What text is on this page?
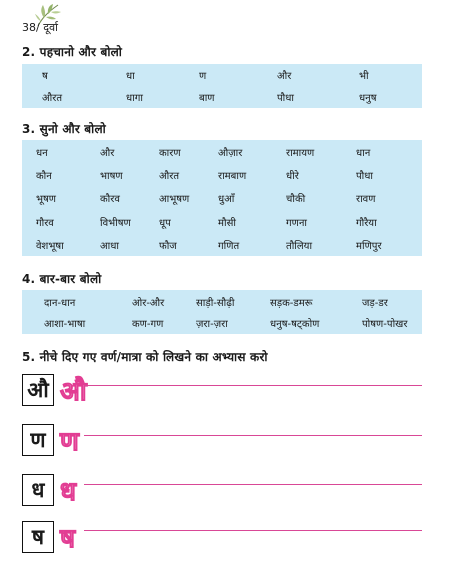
38/ दूर्वा
2. पहचानो और बोलो
ष	धा	ण	और	भी
औरत	धागा	बाण	पौधा	धनुष
3. सुनो और बोलो
धन	और	कारण	औज़ार	रामायण	धान
कौन	भाषण	औरत	रामबाण	धीरे	पौधा
भूषण	कौरव	आभूषण	धुआँ	चौकी	रावण
गौरव	विभीषण	धूप	मौसी	गणना	गौरैया
वेशभूषा	आधा	फौज	गणित	तौलिया	मणिपुर
4. बार-बार बोलो
दान-धान	ओर-और	साड़ी-सौढ़ी	सड़क-डमरू	जड़-डर
आशा-भाषा	कण-गण	ज़रा-ज़रा	धनुष-षट्कोण	पोषण-पोखर
5. नीचे दिए गए वर्ण/मात्रा को लिखने का अभ्यास करो
औ औ
ण ण
ध ध
ष ष
